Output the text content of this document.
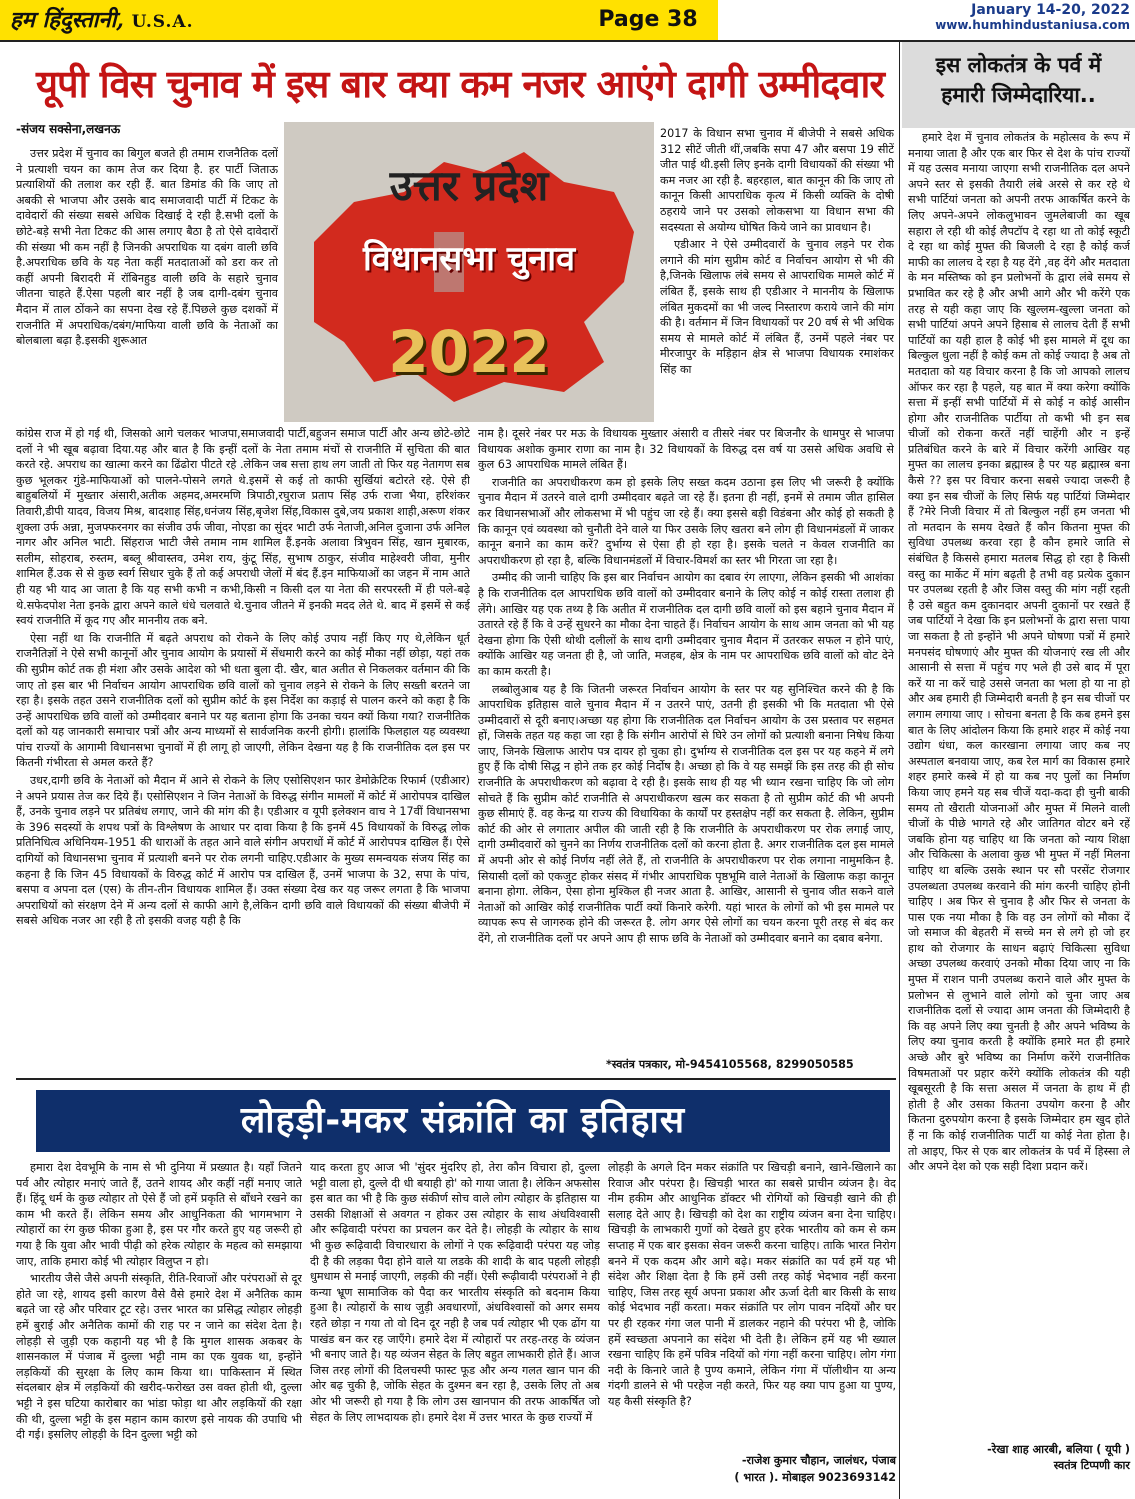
हम हिंदुस्तानी, U.S.A.	Page 38	January 14-20, 2022
www.humhindustaniusa.com
यूपी विस चुनाव में इस बार क्या कम नजर आएंगे दागी उम्मीदवार
-संजय सक्सेना,लखनऊ
उत्तर प्रदेश
विधानसभा चुनाव
2022

उत्तर प्रदेश में चुनाव का बिगुल बजते ही तमाम राजनैतिक दलों ने प्रत्याशी चयन का काम तेज कर दिया है. हर पार्टी जिताऊ प्रत्याशियों की तलाश कर रही हैं. बात डिमांड की कि जाए तो अबकी से भाजपा और उसके बाद समाजवादी पार्टी में टिकट के दावेदारों की संख्या सबसे अधिक दिखाई दे रही है.सभी दलों के छोटे-बड़े सभी नेता टिकट की आस लगाए बैठा है तो ऐसे दावेदारों की संख्या भी कम नहीं है जिनकी अपराधिक या दबंग वाली छवि है.अपराधिक छवि के यह नेता कहीं मतदाताओं को डरा कर तो कहीं अपनी बिरादरी में रॉबिनहुड वाली छवि के सहारे चुनाव जीतना चाहते हैं.ऐसा पहली बार नहीं है जब दागी-दबंग चुनाव मैदान में ताल ठोंकने का सपना देख रहे हैं.पिछले कुछ दशकों में राजनीति में अपराधिक/दबंग/माफिया वाली छवि के नेताओं का बोलबाला बढ़ा है.इसकी शुरूआत

2017 के विधान सभा चुनाव में बीजेपी ने सबसे अधिक 312 सीटें जीती थीं,जबकि सपा 47 और बसपा 19 सीटें जीत पाई थी.इसी लिए इनके दागी विधायकों की संख्या भी कम नजर आ रही है. बहरहाल, बात कानून की कि जाए तो कानून किसी आपराधिक कृत्य में किसी व्यक्ति के दोषी ठहराये जाने पर उसको लोकसभा या विधान सभा की सदस्यता से अयोग्य घोषित किये जाने का प्रावधान है।

एडीआर ने ऐसे उम्मीदवारों के चुनाव लड़ने पर रोक लगाने की मांग सुप्रीम कोर्ट व निर्वाचन आयोग से भी की है,जिनके खिलाफ लंबे समय से आपराधिक मामले कोर्ट में लंबित हैं, इसके साथ ही एडीआर ने माननीय के खिलाफ लंबित मुकदमों का भी जल्द निस्तारण कराये जाने की मांग की है। वर्तमान में जिन विधायकों पर 20 वर्ष से भी अधिक समय से मामले कोर्ट में लंबित हैं, उनमें पहले नंबर पर मीरजापुर के मड़िहान क्षेत्र से भाजपा विधायक रमाशंकर सिंह का

कांग्रेस राज में हो गई थी, जिसको आगे चलकर भाजपा,समाजवादी पार्टी,बहुजन समाज पार्टी और अन्य छोटे-छोटे दलों ने भी खूब बढ़ावा दिया.यह और बात है कि इन्हीं दलों के नेता तमाम मंचों से राजनीति में सुचिता की बात करते रहे. अपराध का खात्मा करने का ढिंढोरा पीटते रहे .लेकिन जब सत्ता हाथ लग जाती तो फिर यह नेतागण सब कुछ भूलकर गुंडे-माफियाओं को पालने-पोसने लगते थे.इसमें से कई तो काफी सुर्खियां बटोरते रहे. ऐसे ही बाहुबलियों में मुख्तार अंसारी,अतीक अहमद,अमरमणि त्रिपाठी,रघुराज प्रताप सिंह उर्फ राजा भैया, हरिशंकर तिवारी,डीपी यादव, विजय मिश्र, बादशाह सिंह,धनंजय सिंह,बृजेश सिंह,विकास दुबे,जय प्रकाश शाही,अरूण शंकर शुक्ला उर्फ अन्ना, मुजफ्फरनगर का संजीव उर्फ जीवा, नोएडा का सुंदर भाटी उर्फ नेताजी,अनिल दुजाना उर्फ अनिल नागर और अनिल भाटी. सिंहराज भाटी जैसे तमाम नाम शामिल हैं.इनके अलावा त्रिभुवन सिंह, खान मुबारक, सलीम, सोहराब, रुस्तम, बब्लू श्रीवास्तव, उमेश राय, कुंटू सिंह, सुभाष ठाकुर, संजीव माहेश्वरी जीवा, मुनीर शामिल हैं.उक से से कुछ स्वर्ग सिधार चुके हैं तो कई अपराधी जेलों में बंद हैं.इन माफियाओं का जहन में नाम आते ही यह भी याद आ जाता है कि यह सभी कभी न कभी,किसी न किसी दल या नेता की सरपरस्ती में ही पले-बढ़े थे.सफेदपोश नेता इनके द्वारा अपने काले धंधे चलवाते थे.चुनाव जीतने में इनकी मदद लेते थे. बाद में इसमें से कई स्वयं राजनीति में कूद गए और माननीय तक बने.

ऐसा नहीं था कि राजनीति में बढ़ते अपराध को रोकने के लिए कोई उपाय नहीं किए गए थे,लेकिन धूर्त राजनैतिज्ञों ने ऐसे सभी कानूनों और चुनाव आयोग के प्रयासों में सेंधमारी करने का कोई मौका नहीं छोड़ा, यहां तक की सुप्रीम कोर्ट तक ही मंशा और उसके आदेश को भी धता बुला दी. खैर, बात अतीत से निकलकर वर्तमान की कि जाए तो इस बार भी निर्वाचन आयोग आपराधिक छवि वालों को चुनाव लड़ने से रोकने के लिए सख्ती बरतने जा रहा है। इसके तहत उसने राजनीतिक दलों को सुप्रीम कोर्ट के इस निर्देश का कड़ाई से पालन करने को कहा है कि उन्हें आपराधिक छवि वालों को उम्मीदवार बनाने पर यह बताना होगा कि उनका चयन क्यों किया गया? राजनीतिक दलों को यह जानकारी समाचार पत्रों और अन्य माध्यमों से सार्वजनिक करनी होगी। हालांकि फिलहाल यह व्यवस्था पांच राज्यों के आगामी विधानसभा चुनावों में ही लागू हो जाएगी, लेकिन देखना यह है कि राजनीतिक दल इस पर कितनी गंभीरता से अमल करते हैं?

उधर,दागी छवि के नेताओं को मैदान में आने से रोकने के लिए एसोसिएशन फार डेमोक्रेटिक रिफार्म (एडीआर) ने अपने प्रयास तेज कर दिये हैं। एसोसिएशन ने जिन नेताओं के विरुद्ध संगीन मामलों में कोर्ट में आरोपपत्र दाखिल हैं, उनके चुनाव लड़ने पर प्रतिबंध लगाए, जाने की मांग की है। एडीआर व यूपी इलेक्शन वाच ने 17वीं विधानसभा के 396 सदस्यों के शपथ पत्रों के विश्लेषण के आधार पर दावा किया है कि इनमें 45 विधायकों के विरुद्ध लोक प्रतिनिधित्व अधिनियम-1951 की धाराओं के तहत आने वाले संगीन अपराधों में कोर्ट में आरोपपत्र दाखिल हैं। ऐसे दागियों को विधानसभा चुनाव में प्रत्याशी बनने पर रोक लगनी चाहिए.एडीआर के मुख्य समन्वयक संजय सिंह का कहना है कि जिन 45 विधायकों के विरुद्ध कोर्ट में आरोप पत्र दाखिल हैं, उनमें भाजपा के 32, सपा के पांच, बसपा व अपना दल (एस) के तीन-तीन विधायक शामिल हैं। उक्त संख्या देख कर यह जरूर लगता है कि भाजपा अपराधियों को संरक्षण देने में अन्य दलों से काफी आगे है,लेकिन दागी छवि वाले विधायकों की संख्या बीजेपी में सबसे अधिक नजर आ रही है तो इसकी वजह यही है कि

नाम है। दूसरे नंबर पर मऊ के विधायक मुख्तार अंसारी व तीसरे नंबर पर बिजनौर के धामपुर से भाजपा विधायक अशोक कुमार राणा का नाम है। 32 विधायकों के विरुद्ध दस वर्ष या उससे अधिक अवधि से कुल 63 आपराधिक मामले लंबित हैं।

राजनीति का अपराधीकरण कम हो इसके लिए सख्त कदम उठाना इस लिए भी जरूरी है क्योंकि चुनाव मैदान में उतरने वाले दागी उम्मीदवार बढ़ते जा रहे हैं। इतना ही नहीं, इनमें से तमाम जीत हासिल कर विधानसभाओं और लोकसभा में भी पहुंच जा रहे हैं। क्या इससे बड़ी विडंबना और कोई हो सकती है कि कानून एवं व्यवस्था को चुनौती देने वाले या फिर उसके लिए खतरा बने लोग ही विधानमंडलों में जाकर कानून बनाने का काम करें? दुर्भाग्य से ऐसा ही हो रहा है। इसके चलते न केवल राजनीति का अपराधीकरण हो रहा है, बल्कि विधानमंडलों में विचार-विमर्श का स्तर भी गिरता जा रहा है।

उम्मीद की जानी चाहिए कि इस बार निर्वाचन आयोग का दबाव रंग लाएगा, लेकिन इसकी भी आशंका है कि राजनीतिक दल आपराधिक छवि वालों को उम्मीदवार बनाने के लिए कोई न कोई रास्ता तलाश ही लेंगे। आखिर यह एक तथ्य है कि अतीत में राजनीतिक दल दागी छवि वालों को इस बहाने चुनाव मैदान में उतारते रहे हैं कि वे उन्हें सुधरने का मौका देना चाहते हैं। निर्वाचन आयोग के साथ आम जनता को भी यह देखना होगा कि ऐसी थोथी दलीलों के साथ दागी उम्मीदवार चुनाव मैदान में उतरकर सफल न होने पाएं, क्योंकि आखिर यह जनता ही है, जो जाति, मजहब, क्षेत्र के नाम पर आपराधिक छवि वालों को वोट देने का काम करती है।

लब्बोलुआब यह है कि जितनी जरूरत निर्वाचन आयोग के स्तर पर यह सुनिश्चित करने की है कि आपराधिक इतिहास वाले चुनाव मैदान में न उतरने पाएं, उतनी ही इसकी भी कि मतदाता भी ऐसे उम्मीदवारों से दूरी बनाए।अच्छा यह होगा कि राजनीतिक दल निर्वाचन आयोग के उस प्रस्ताव पर सहमत हों, जिसके तहत यह कहा जा रहा है कि संगीन आरोपों से घिरे उन लोगों को प्रत्याशी बनाना निषेध किया जाए, जिनके खिलाफ आरोप पत्र दायर हो चुका हो। दुर्भाग्य से राजनीतिक दल इस पर यह कहने में लगे हुए हैं कि दोषी सिद्ध न होने तक हर कोई निर्दोष है। अच्छा हो कि वे यह समझें कि इस तरह की ही सोच राजनीति के अपराधीकरण को बढ़ावा दे रही है। इसके साथ ही यह भी ध्यान रखना चाहिए कि जो लोग सोचते हैं कि सुप्रीम कोर्ट राजनीति से अपराधीकरण खत्म कर सकता है तो सुप्रीम कोर्ट की भी अपनी कुछ सीमाएं हैं. वह केन्द्र या राज्य की विधायिका के कार्यों पर हस्तक्षेप नहीं कर सकता है. लेकिन, सुप्रीम कोर्ट की ओर से लगातार अपील की जाती रही है कि राजनीति के अपराधीकरण पर रोक लगाई जाए, दागी उम्मीदवारों को चुनने का निर्णय राजनीतिक दलों को करना होता है. अगर राजनीतिक दल इस मामले में अपनी ओर से कोई निर्णय नहीं लेते हैं, तो राजनीति के अपराधीकरण पर रोक लगाना नामुमकिन है. सियासी दलों को एकजुट होकर संसद में गंभीर आपराधिक पृष्ठभूमि वाले नेताओं के खिलाफ कड़ा कानून बनाना होगा. लेकिन, ऐसा होना मुश्किल ही नजर आता है. आखिर, आसानी से चुनाव जीत सकने वाले नेताओं को आखिर कोई राजनीतिक पार्टी क्यों किनारे करेगी. यहां भारत के लोगों को भी इस मामले पर व्यापक रूप से जागरुक होने की जरूरत है. लोग अगर ऐसे लोगों का चयन करना पूरी तरह से बंद कर देंगे, तो राजनीतिक दलों पर अपने आप ही साफ छवि के नेताओं को उम्मीदवार बनाने का दबाव बनेगा.

*स्वतंत्र पत्रकार, मो-9454105568, 8299050585
इस लोकतंत्र के पर्व में
हमारी जिम्मेदारिया..

हमारे देश में चुनाव लोकतंत्र के महोत्सव के रूप में मनाया जाता है और एक बार फिर से देश के पांच राज्यों में यह उत्सव मनाया जाएगा सभी राजनीतिक दल अपने अपने स्तर से इसकी तैयारी लंबे अरसे से कर रहे थे सभी पार्टियां जनता को अपनी तरफ आकर्षित करने के लिए अपने-अपने लोकलुभावन जुमलेबाजी का खूब सहारा ले रही थी कोई लैपटॉप दे रहा था तो कोई स्कूटी दे रहा था कोई मुफ्त की बिजली दे रहा है कोई कर्ज माफी का लालच दे रहा है यह देंगे ,वह देंगे और मतदाता के मन मस्तिष्क को इन प्रलोभनों के द्वारा लंबे समय से प्रभावित कर रहे है और अभी आगे और भी करेंगे एक तरह से यही कहा जाए कि खुल्लम-खुल्ला जनता को सभी पार्टियां अपने अपने हिसाब से लालच देती हैं सभी पार्टियों का यही हाल है कोई भी इस मामले में दूध का बिल्कुल धुला नहीं है कोई कम तो कोई ज्यादा है अब तो मतदाता को यह विचार करना है कि जो आपको लालच ऑफर कर रहा है पहले, यह बात में क्या करेगा क्योंकि सत्ता में इन्हीं सभी पार्टियों में से कोई न कोई आसीन होगा और राजनीतिक पार्टीया तो कभी भी इन सब चीजों को रोकना करतें नहीं चाहेंगी और न इन्हें प्रतिबंधित करने के बारे में विचार करेंगी आखिर यह मुफ्त का लालच इनका ब्रह्मास्त्र है पर यह ब्रह्मास्त्र बना कैसे ?? इस पर विचार करना सबसे ज्यादा जरूरी है क्या इन सब चीजों के लिए सिर्फ यह पार्टियां जिम्मेदार हैं ?मेरे निजी विचार में तो बिल्कुल नहीं हम जनता भी तो मतदान के समय देखते हैं कौन कितना मुफ्त की सुविधा उपलब्ध करवा रहा है कौन हमारे जाति से संबंधित है किससे हमारा मतलब सिद्ध हो रहा है किसी वस्तु का मार्केट में मांग बढ़ती है तभी वह प्रत्येक दुकान पर उपलब्ध रहती है और जिस वस्तु की मांग नहीं रहती है उसे बहुत कम दुकानदार अपनी दुकानों पर रखते हैं जब पार्टियों ने देखा कि इन प्रलोभनों के द्वारा सत्ता पाया जा सकता है तो इन्होंने भी अपने घोषणा पत्रों में हमारे मनपसंद घोषणाएं और मुफ्त की योजनाएं रख ली और आसानी से सत्ता में पहुंच गए भले ही उसे बाद में पूरा करें या ना करें चाहे उससे जनता का भला हो या ना हो और अब हमारी ही जिम्मेदारी बनती है इन सब चीजों पर लगाम लगाया जाए । सोचना बनता है कि कब हमने इस बात के लिए आंदोलन किया कि हमारे शहर में कोई नया उद्योग धंधा, कल कारखाना लगाया जाए कब नए अस्पताल बनवाया जाए, कब रेल मार्ग का विकास हमारे शहर हमारे कस्बे में हो या कब नए पुलों का निर्माण किया जाए हमने यह सब चीजें यदा-कदा ही चुनी बाकी समय तो खैराती योजनाओं और मुफ्त में मिलने वाली चीजों के पीछे भागते रहे और जातिगत वोटर बने रहें जबकि होना यह चाहिए था कि जनता को न्याय शिक्षा और चिकित्सा के अलावा कुछ भी मुफ्त में नहीं मिलना चाहिए था बल्कि उसके स्थान पर सौ परसेंट रोजगार उपलब्धता उपलब्ध करवाने की मांग करनी चाहिए होनी चाहिए । अब फिर से चुनाव है और फिर से जनता के पास एक नया मौका है कि वह उन लोगों को मौका दें जो समाज की बेहतरी में सच्चे मन से लगे हो जो हर हाथ को रोजगार के साधन बढ़ाएं चिकित्सा सुविधा अच्छा उपलब्ध करवाएं उनको मौका दिया जाए ना कि मुफ्त में राशन पानी उपलब्ध कराने वाले और मुफ्त के प्रलोभन से लुभाने वाले लोगो को चुना जाए अब राजनीतिक दलों से ज्यादा आम जनता की जिम्मेदारी है कि वह अपने लिए क्या चुनती है और अपने भविष्य के लिए क्या चुनाव करती है क्योंकि हमारे मत ही हमारे अच्छे और बुरे भविष्य का निर्माण करेंगे राजनीतिक विषमताओं पर प्रहार करेंगे क्योंकि लोकतंत्र की यही खूबसूरती है कि सत्ता असल में जनता के हाथ में ही होती है और उसका कितना उपयोग करना है और कितना दुरुपयोग करना है इसके जिम्मेदार हम खुद होते हैं ना कि कोई राजनीतिक पार्टी या कोई नेता होता है। तो आइए, फिर से एक बार लोकतंत्र के पर्व में हिस्सा ले और अपने देश को एक सही दिशा प्रदान करें।

-रेखा शाह आरबी, बलिया ( यूपी )
स्वतंत्र टिप्पणी कार
लोहड़ी-मकर संक्रांति का इतिहास

हमारा देश देवभूमि के नाम से भी दुनिया में प्रख्यात है। यहाँ जितने पर्व और त्योहार मनाएं जाते हैं, उतने शायद और कहीं नहीं मनाए जाते हैं। हिंदू धर्म के कुछ त्योहार तो ऐसे हैं जो हमें प्रकृति से बाँधने रखने का काम भी करते हैं। लेकिन समय और आधुनिकता की भागमभाग ने त्योहारों का रंग कुछ फीका हुआ है, इस पर गौर करते हुए यह जरूरी हो गया है कि युवा और भावी पीढ़ी को हरेक त्योहार के महत्व को समझाया जाए, ताकि हमारा कोई भी त्योहार विलुप्त न हो।

भारतीय जैसे जैसे अपनी संस्कृति, रीति-रिवाजों और परंपराओं से दूर होते जा रहे, शायद इसी कारण वैसे वैसे हमारे देश में अनैतिक काम बढ़ते जा रहे और परिवार टूट रहे। उत्तर भारत का प्रसिद्ध त्योहार लोहड़ी हमें बुराई और अनैतिक कामों की राह पर न जाने का संदेश देता है। लोहड़ी से जुड़ी एक कहानी यह भी है कि मुगल शासक अकबर के शासनकाल में पंजाब में दुल्ला भट्टी नाम का एक युवक था, इन्होंने लड़कियों की सुरक्षा के लिए काम किया था। पाकिस्तान में स्थित संदलबार क्षेत्र में लड़कियों की खरीद-फरोख्त उस वक्त होती थी, दुल्ला भट्टी ने इस घटिया कारोबार का भांडा फोड़ा था और लड़कियों की रक्षा की थी, दुल्ला भट्टी के इस महान काम कारण इसे नायक की उपाधि भी दी गई। इसलिए लोहड़ी के दिन दुल्ला भट्टी को

याद करता हुए आज भी 'सुंदर मुंदरिए हो, तेरा कौन विचारा हो, दुल्ला भट्टी वाला हो, दुल्ले दी धी बयाही हो' को गाया जाता है। लेकिन अफसोस इस बात का भी है कि कुछ संकीर्ण सोच वाले लोग त्योहार के इतिहास या उसकी शिक्षाओं से अवगत न होकर उस त्योहार के साथ अंधविश्वासी और रूढ़िवादी परंपरा का प्रचलन कर देते है। लोहड़ी के त्योहार के साथ भी कुछ रूढ़िवादी विचारधारा के लोगों ने एक रूढ़िवादी परंपरा यह जोड़ दी है की लड़का पैदा होने वाले या लडके की शादी के बाद पहली लोहड़ी धुमधाम से मनाई जाएगी, लड़की की नहीं। ऐसी रूढ़ीवादी परंपराओं ने ही कन्या भ्रूण सामाजिक को पैदा कर भारतीय संस्कृति को बदनाम किया हुआ है। त्योहारों के साथ जुड़ी अवधारणों, अंधविश्वासों को अगर समय रहते छोड़ा न गया तो वो दिन दूर नही है जब पर्व त्योहार भी एक ढोंग या पाखंड बन कर रह जाएँगे। हमारे देश में त्योहारों पर तरह-तरह के व्यंजन भी बनाए जाते है। यह व्यंजन सेहत के लिए बहुत लाभकारी होते हैं। आज जिस तरह लोगों की दिलचस्पी फास्ट फूड और अन्य गलत खान पान की ओर बढ़ चुकी है, जोकि सेहत के दुश्मन बन रहा है, उसके लिए तो अब ओर भी जरूरी हो गया है कि लोग उस खानपान की तरफ आकर्षित जो सेहत के लिए लाभदायक हो। हमारे देश में उत्तर भारत के कुछ राज्यों में

लोहड़ी के अगले दिन मकर संक्रांति पर खिचड़ी बनाने, खाने-खिलाने का रिवाज और परंपरा है। खिचड़ी भारत का सबसे प्राचीन व्यंजन है। वेद नीम हकीम और आधुनिक डॉक्टर भी रोगियों को खिचड़ी खाने की ही सलाह देते आए है। खिचड़ी को देश का राष्ट्रीय व्यंजन बना देना चाहिए। खिचड़ी के लाभकारी गुणों को देखते हुए हरेक भारतीय को कम से कम सप्ताह में एक बार इसका सेवन जरूरी करना चाहिए। ताकि भारत निरोग बनने में एक कदम और आगे बढ़े। मकर संक्रांति का पर्व हमें यह भी संदेश और शिक्षा देता है कि हमें उसी तरह कोई भेदभाव नहीं करना चाहिए, जिस तरह सूर्य अपना प्रकाश और ऊर्जा देती बार किसी के साथ कोई भेदभाव नहीं करता। मकर संक्रांति पर लोग पावन नदियों और घर पर ही रहकर गंगा जल पानी में डालकर नहाने की परंपरा भी है, जोकि हमें स्वच्छता अपनाने का संदेश भी देती है। लेकिन हमें यह भी ख्याल रखना चाहिए कि हमें पवित्र नदियों को गंगा नहीं करना चाहिए। लोग गंगा नदी के किनारे जाते है पुण्य कमाने, लेकिन गंगा में पॉलीथीन या अन्य गंदगी डालने से भी परहेज नही करते, फिर यह क्या पाप हुआ या पुण्य, यह कैसी संस्कृति है?

-राजेश कुमार चौहान, जालंधर, पंजाब
( भारत ). मोबाइल 9023693142
